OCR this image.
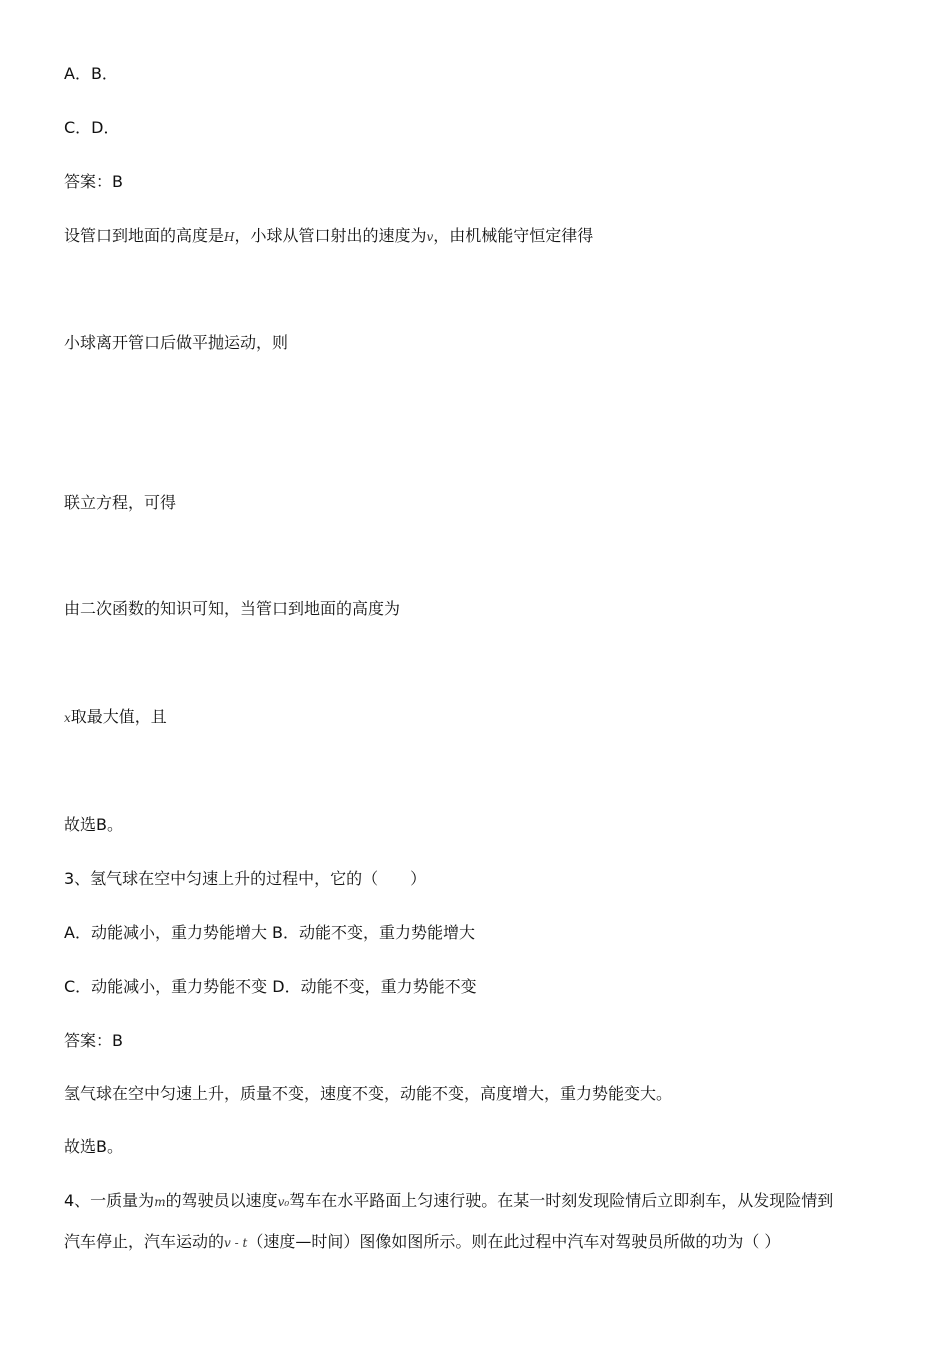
A．B．
C．D．
答案：B
设管口到地面的高度是H，小球从管口射出的速度为v，由机械能守恒定律得
小球离开管口后做平抛运动，则
联立方程，可得
由二次函数的知识可知，当管口到地面的高度为
x取最大值，且
故选B。
3、氢气球在空中匀速上升的过程中，它的（　　）
A．动能减小，重力势能增大 B．动能不变，重力势能增大
C．动能减小，重力势能不变 D．动能不变，重力势能不变
答案：B
氢气球在空中匀速上升，质量不变，速度不变，动能不变，高度增大，重力势能变大。
故选B。
4、一质量为m的驾驶员以速度v₀驾车在水平路面上匀速行驶。在某一时刻发现险情后立即刹车，从发现险情到
汽车停止，汽车运动的v - t（速度—时间）图像如图所示。则在此过程中汽车对驾驶员所做的功为（ ）
